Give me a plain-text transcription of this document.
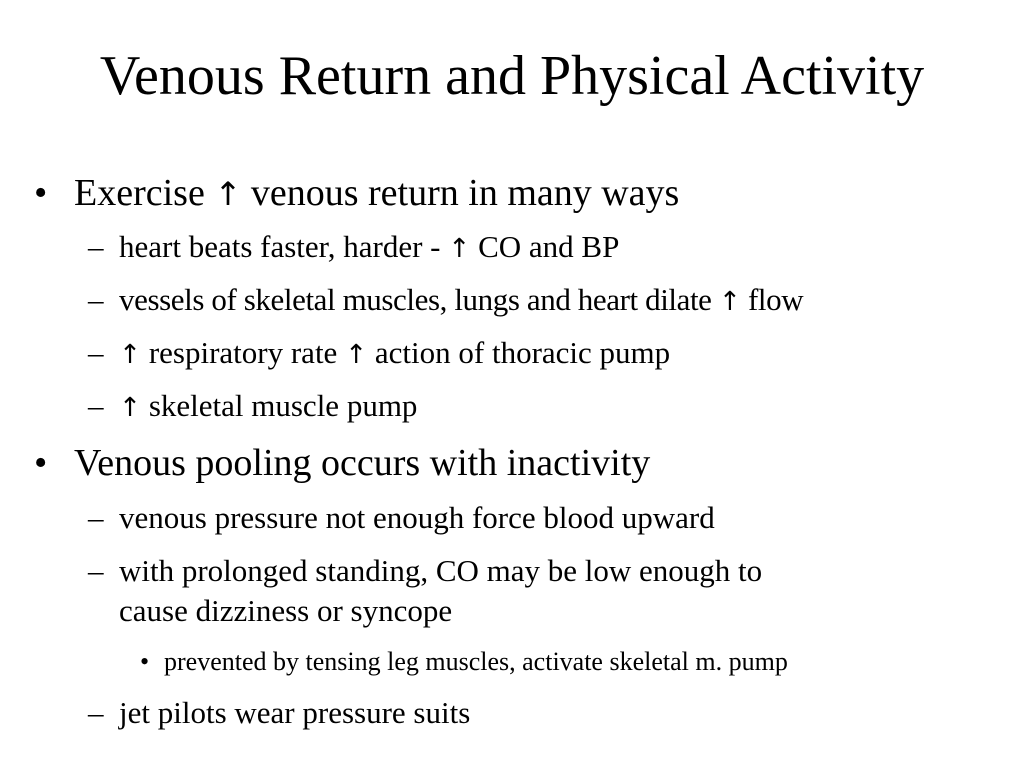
Venous Return and Physical Activity
• Exercise ↑ venous return in many ways
– heart beats faster, harder - ↑ CO and BP
– vessels of skeletal muscles, lungs and heart dilate ↑ flow
– ↑ respiratory rate ↑ action of thoracic pump
– ↑ skeletal muscle pump
• Venous pooling occurs with inactivity
– venous pressure not enough force blood upward
– with prolonged standing, CO may be low enough to
cause dizziness or syncope
• prevented by tensing leg muscles, activate skeletal m. pump
– jet pilots wear pressure suits
